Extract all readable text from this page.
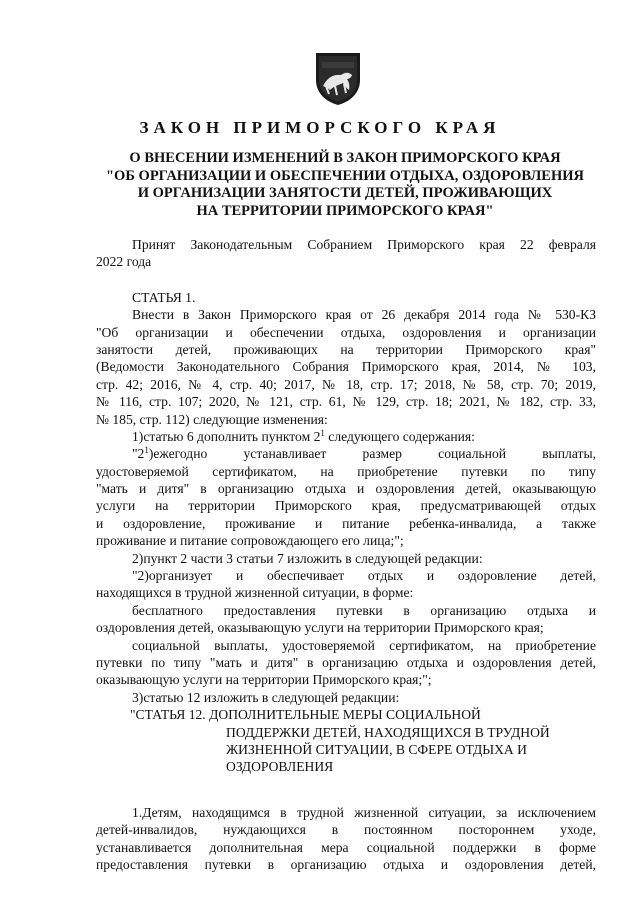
ЗАКОН ПРИМОРСКОГО КРАЯ
О ВНЕСЕНИИ ИЗМЕНЕНИЙ В ЗАКОН ПРИМОРСКОГО КРАЯ
"ОБ ОРГАНИЗАЦИИ И ОБЕСПЕЧЕНИИ ОТДЫХА, ОЗДОРОВЛЕНИЯ
И ОРГАНИЗАЦИИ ЗАНЯТОСТИ ДЕТЕЙ, ПРОЖИВАЮЩИХ
НА ТЕРРИТОРИИ ПРИМОРСКОГО КРАЯ"
Принят Законодательным Собранием Приморского края 22 февраля
2022 года
СТАТЬЯ 1.
Внести в Закон Приморского края от 26 декабря 2014 года № 530-КЗ
"Об организации и обеспечении отдыха, оздоровления и организации
занятости детей, проживающих на территории Приморского края"
(Ведомости Законодательного Собрания Приморского края, 2014, № 103,
стр. 42; 2016, № 4, стр. 40; 2017, № 18, стр. 17; 2018, № 58, стр. 70; 2019,
№ 116, стр. 107; 2020, № 121, стр. 61, № 129, стр. 18; 2021, № 182, стр. 33,
№ 185, стр. 112) следующие изменения:
1)статью 6 дополнить пунктом $2^1$ следующего содержания:
"$2^1)ежегодно$ устанавливает размер социальной выплаты,
удостоверяемой сертификатом, на приобретение путевки по типу
"мать и дитя" в организацию отдыха и оздоровления детей, оказывающую
услуги на территории Приморского края, предусматривающей отдых
и оздоровление, проживание и питание ребенка-инвалида, а также
проживание и питание сопровождающего его лица;";
2)пункт 2 части 3 статьи 7 изложить в следующей редакции:
"2)организует и обеспечивает отдых и оздоровление детей,
находящихся в трудной жизненной ситуации, в форме:
бесплатного предоставления путевки в организацию отдыха и
оздоровления детей, оказывающую услуги на территории Приморского края;
социальной выплаты, удостоверяемой сертификатом, на приобретение
путевки по типу "мать и дитя" в организацию отдыха и оздоровления детей,
оказывающую услуги на территории Приморского края;";
3)статью 12 изложить в следующей редакции:
"СТАТЬЯ 12. ДОПОЛНИТЕЛЬНЫЕ МЕРЫ СОЦИАЛЬНОЙ
ПОДДЕРЖКИ ДЕТЕЙ, НАХОДЯЩИХСЯ В ТРУДНОЙ
ЖИЗНЕННОЙ СИТУАЦИИ, В СФЕРЕ ОТДЫХА И
ОЗДОРОВЛЕНИЯ
1.Детям, находящимся в трудной жизненной ситуации, за исключением
детей-инвалидов, нуждающихся в постоянном постороннем уходе,
устанавливается дополнительная мера социальной поддержки в форме
предоставления путевки в организацию отдыха и оздоровления детей,
